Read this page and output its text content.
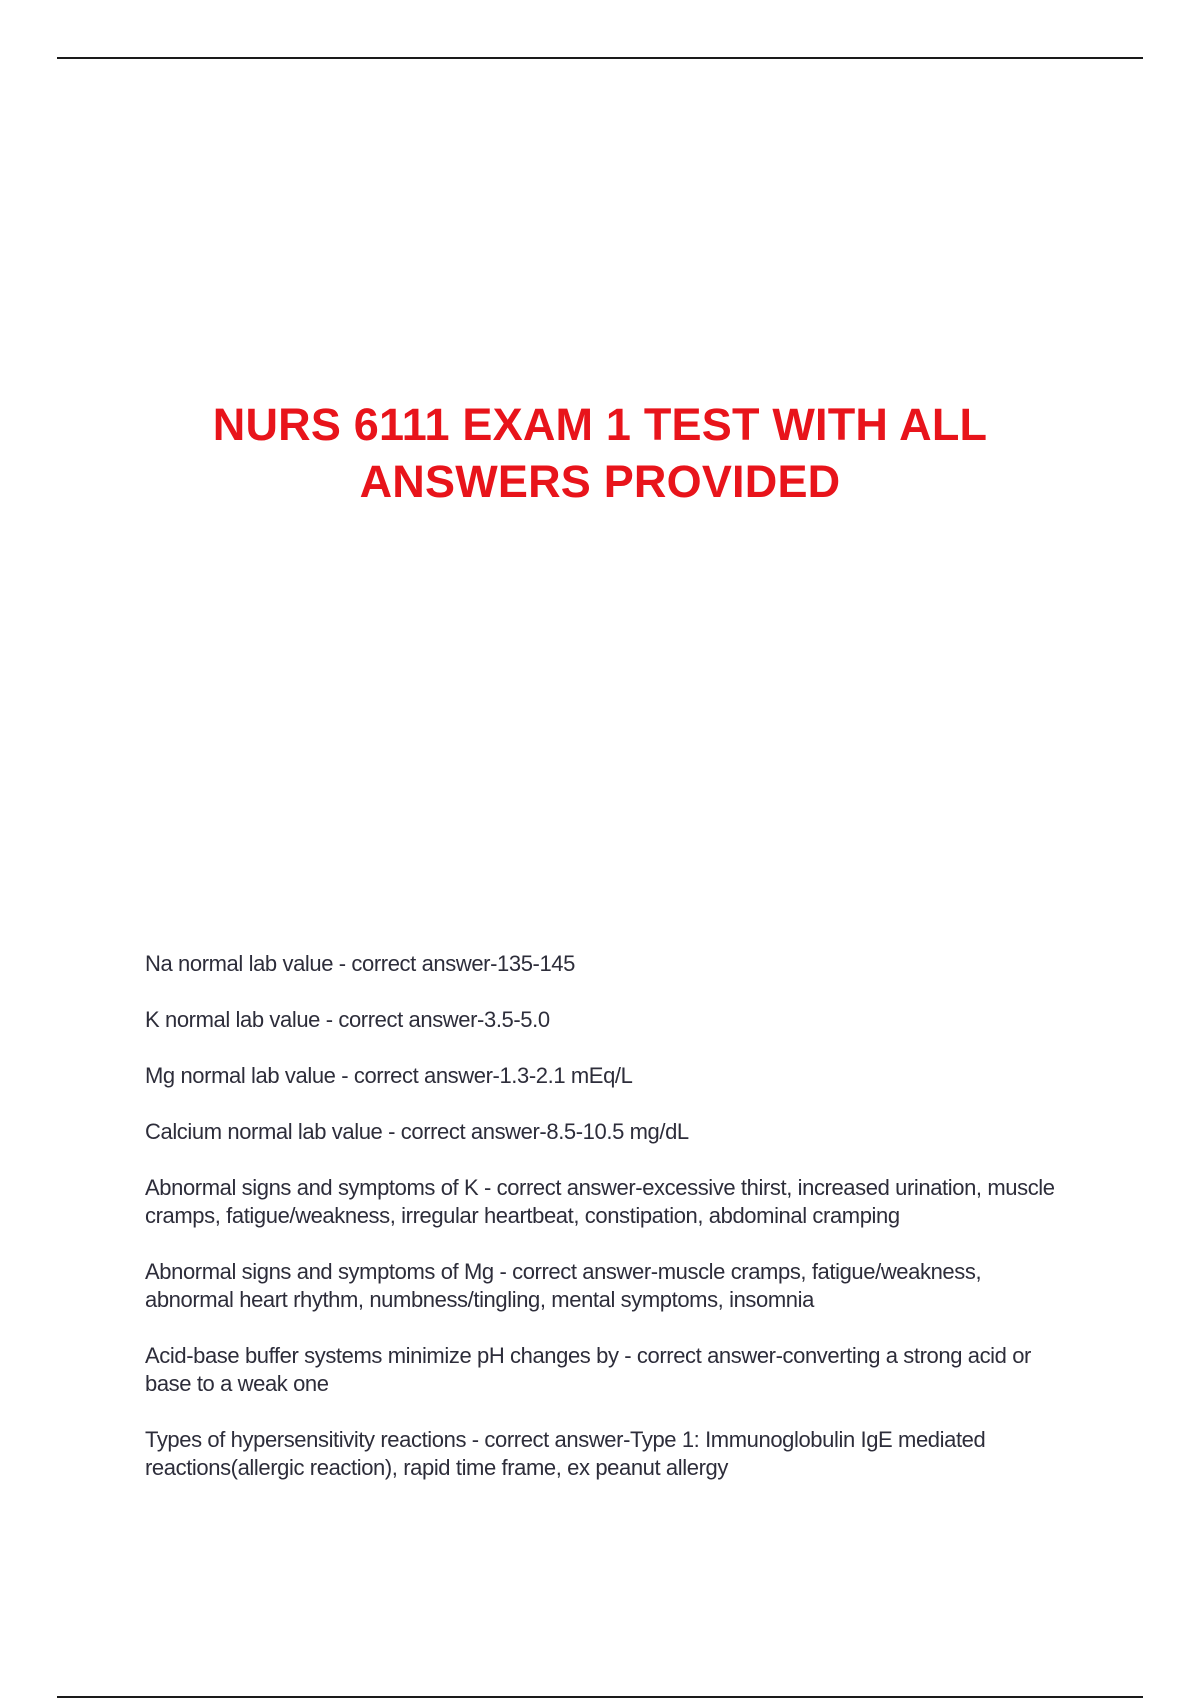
NURS 6111 EXAM 1 TEST WITH ALL
ANSWERS PROVIDED
Na normal lab value - correct answer-135-145
K normal lab value - correct answer-3.5-5.0
Mg normal lab value - correct answer-1.3-2.1 mEq/L
Calcium normal lab value - correct answer-8.5-10.5 mg/dL
Abnormal signs and symptoms of K - correct answer-excessive thirst, increased urination, muscle cramps, fatigue/weakness, irregular heartbeat, constipation, abdominal cramping
Abnormal signs and symptoms of Mg - correct answer-muscle cramps, fatigue/weakness, abnormal heart rhythm, numbness/tingling, mental symptoms, insomnia
Acid-base buffer systems minimize pH changes by - correct answer-converting a strong acid or base to a weak one
Types of hypersensitivity reactions - correct answer-Type 1: Immunoglobulin IgE mediated reactions(allergic reaction), rapid time frame, ex peanut allergy
